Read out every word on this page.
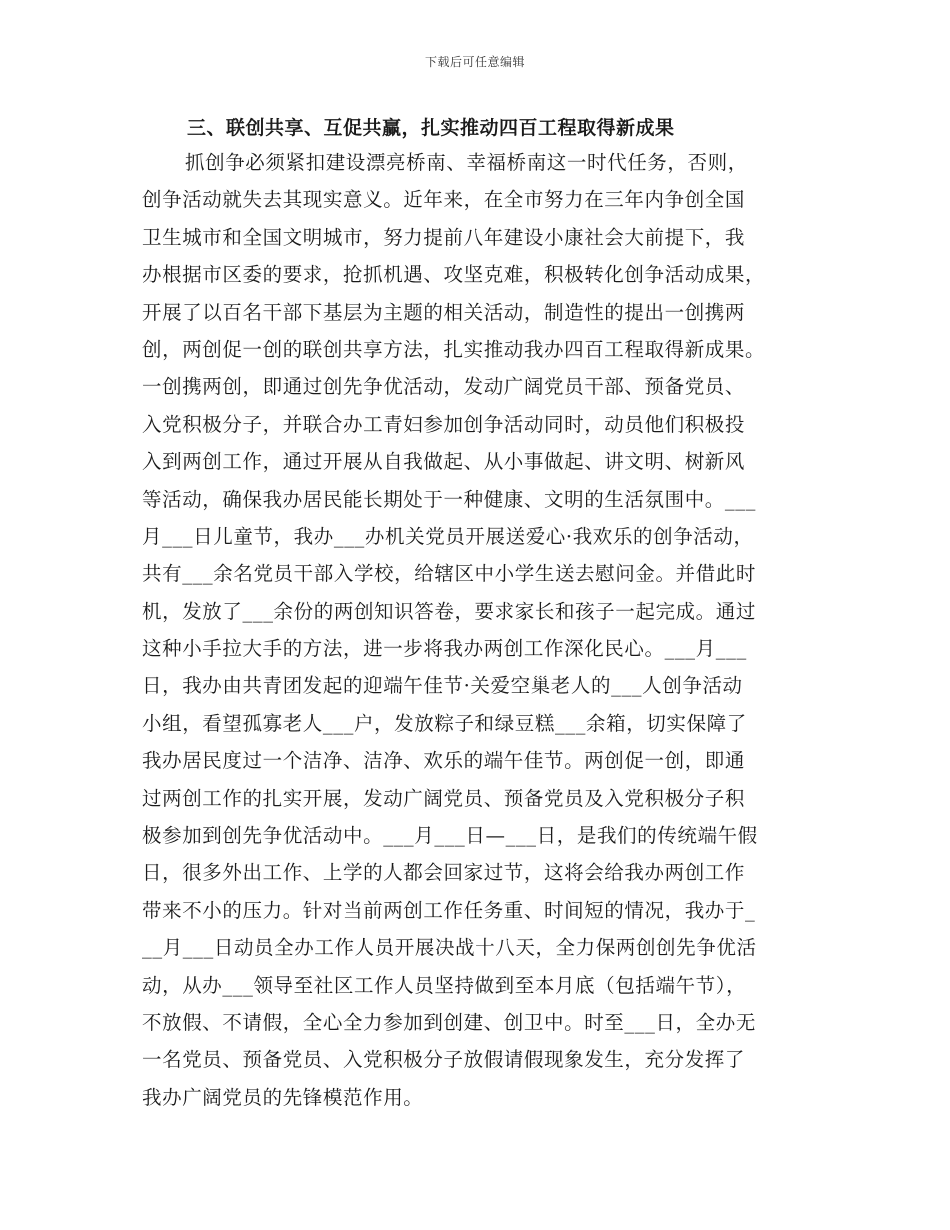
下载后可任意编辑
三、联创共享、互促共赢，扎实推动四百工程取得新成果
抓创争必须紧扣建设漂亮桥南、幸福桥南这一时代任务，否则，
创争活动就失去其现实意义。近年来，在全市努力在三年内争创全国
卫生城市和全国文明城市，努力提前八年建设小康社会大前提下，我
办根据市区委的要求，抢抓机遇、攻坚克难，积极转化创争活动成果，
开展了以百名干部下基层为主题的相关活动，制造性的提出一创携两
创，两创促一创的联创共享方法，扎实推动我办四百工程取得新成果。
一创携两创，即通过创先争优活动，发动广阔党员干部、预备党员、
入党积极分子，并联合办工青妇参加创争活动同时，动员他们积极投
入到两创工作，通过开展从自我做起、从小事做起、讲文明、树新风
等活动，确保我办居民能长期处于一种健康、文明的生活氛围中。___
月___日儿童节，我办___办机关党员开展送爱心·我欢乐的创争活动，
共有___余名党员干部入学校，给辖区中小学生送去慰问金。并借此时
机，发放了___余份的两创知识答卷，要求家长和孩子一起完成。通过
这种小手拉大手的方法，进一步将我办两创工作深化民心。___月___
日，我办由共青团发起的迎端午佳节·关爱空巢老人的___人创争活动
小组，看望孤寡老人___户，发放粽子和绿豆糕___余箱，切实保障了
我办居民度过一个洁净、洁净、欢乐的端午佳节。两创促一创，即通
过两创工作的扎实开展，发动广阔党员、预备党员及入党积极分子积
极参加到创先争优活动中。___月___日—___日，是我们的传统端午假
日，很多外出工作、上学的人都会回家过节，这将会给我办两创工作
带来不小的压力。针对当前两创工作任务重、时间短的情况，我办于_
__月___日动员全办工作人员开展决战十八天，全力保两创创先争优活
动，从办___领导至社区工作人员坚持做到至本月底（包括端午节），
不放假、不请假，全心全力参加到创建、创卫中。时至___日，全办无
一名党员、预备党员、入党积极分子放假请假现象发生，充分发挥了
我办广阔党员的先锋模范作用。
